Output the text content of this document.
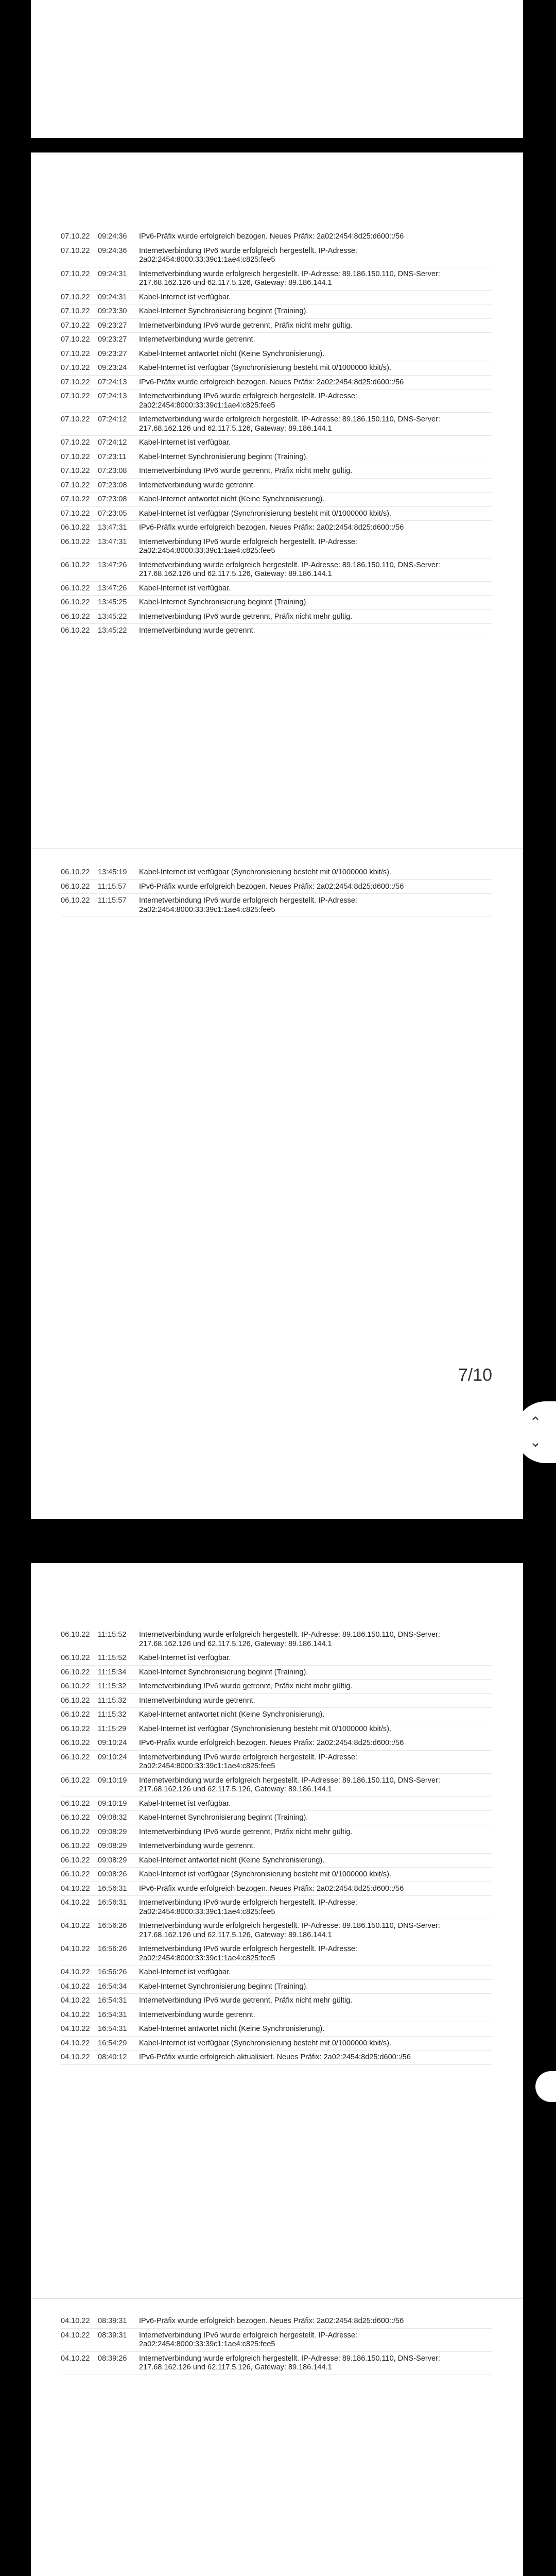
07.10.22	09:24:36	IPv6-Präfix wurde erfolgreich bezogen. Neues Präfix: 2a02:2454:8d25:d600::/56
07.10.22	09:24:36	Internetverbindung IPv6 wurde erfolgreich hergestellt. IP-Adresse: 2a02:2454:8000:33:39c1:1ae4:c825:fee5
07.10.22	09:24:31	Internetverbindung wurde erfolgreich hergestellt. IP-Adresse: 89.186.150.110, DNS-Server: 217.68.162.126 und 62.117.5.126, Gateway: 89.186.144.1
07.10.22	09:24:31	Kabel-Internet ist verfügbar.
07.10.22	09:23:30	Kabel-Internet Synchronisierung beginnt (Training).
07.10.22	09:23:27	Internetverbindung IPv6 wurde getrennt, Präfix nicht mehr gültig.
07.10.22	09:23:27	Internetverbindung wurde getrennt.
07.10.22	09:23:27	Kabel-Internet antwortet nicht (Keine Synchronisierung).
07.10.22	09:23:24	Kabel-Internet ist verfügbar (Synchronisierung besteht mit 0/1000000 kbit/s).
07.10.22	07:24:13	IPv6-Präfix wurde erfolgreich bezogen. Neues Präfix: 2a02:2454:8d25:d600::/56
07.10.22	07:24:13	Internetverbindung IPv6 wurde erfolgreich hergestellt. IP-Adresse: 2a02:2454:8000:33:39c1:1ae4:c825:fee5
07.10.22	07:24:12	Internetverbindung wurde erfolgreich hergestellt. IP-Adresse: 89.186.150.110, DNS-Server: 217.68.162.126 und 62.117.5.126, Gateway: 89.186.144.1
07.10.22	07:24:12	Kabel-Internet ist verfügbar.
07.10.22	07:23:11	Kabel-Internet Synchronisierung beginnt (Training).
07.10.22	07:23:08	Internetverbindung IPv6 wurde getrennt, Präfix nicht mehr gültig.
07.10.22	07:23:08	Internetverbindung wurde getrennt.
07.10.22	07:23:08	Kabel-Internet antwortet nicht (Keine Synchronisierung).
07.10.22	07:23:05	Kabel-Internet ist verfügbar (Synchronisierung besteht mit 0/1000000 kbit/s).
06.10.22	13:47:31	IPv6-Präfix wurde erfolgreich bezogen. Neues Präfix: 2a02:2454:8d25:d600::/56
06.10.22	13:47:31	Internetverbindung IPv6 wurde erfolgreich hergestellt. IP-Adresse: 2a02:2454:8000:33:39c1:1ae4:c825:fee5
06.10.22	13:47:26	Internetverbindung wurde erfolgreich hergestellt. IP-Adresse: 89.186.150.110, DNS-Server: 217.68.162.126 und 62.117.5.126, Gateway: 89.186.144.1
06.10.22	13:47:26	Kabel-Internet ist verfügbar.
06.10.22	13:45:25	Kabel-Internet Synchronisierung beginnt (Training).
06.10.22	13:45:22	Internetverbindung IPv6 wurde getrennt, Präfix nicht mehr gültig.
06.10.22	13:45:22	Internetverbindung wurde getrennt.
06.10.22	13:45:19	Kabel-Internet ist verfügbar (Synchronisierung besteht mit 0/1000000 kbit/s).
06.10.22	11:15:57	IPv6-Präfix wurde erfolgreich bezogen. Neues Präfix: 2a02:2454:8d25:d600::/56
06.10.22	11:15:57	Internetverbindung IPv6 wurde erfolgreich hergestellt. IP-Adresse: 2a02:2454:8000:33:39c1:1ae4:c825:fee5
7/10
⌃
⌄
06.10.22	11:15:52	Internetverbindung wurde erfolgreich hergestellt. IP-Adresse: 89.186.150.110, DNS-Server: 217.68.162.126 und 62.117.5.126, Gateway: 89.186.144.1
06.10.22	11:15:52	Kabel-Internet ist verfügbar.
06.10.22	11:15:34	Kabel-Internet Synchronisierung beginnt (Training).
06.10.22	11:15:32	Internetverbindung IPv6 wurde getrennt, Präfix nicht mehr gültig.
06.10.22	11:15:32	Internetverbindung wurde getrennt.
06.10.22	11:15:32	Kabel-Internet antwortet nicht (Keine Synchronisierung).
06.10.22	11:15:29	Kabel-Internet ist verfügbar (Synchronisierung besteht mit 0/1000000 kbit/s).
06.10.22	09:10:24	IPv6-Präfix wurde erfolgreich bezogen. Neues Präfix: 2a02:2454:8d25:d600::/56
06.10.22	09:10:24	Internetverbindung IPv6 wurde erfolgreich hergestellt. IP-Adresse: 2a02:2454:8000:33:39c1:1ae4:c825:fee5
06.10.22	09:10:19	Internetverbindung wurde erfolgreich hergestellt. IP-Adresse: 89.186.150.110, DNS-Server: 217.68.162.126 und 62.117.5.126, Gateway: 89.186.144.1
06.10.22	09:10:19	Kabel-Internet ist verfügbar.
06.10.22	09:08:32	Kabel-Internet Synchronisierung beginnt (Training).
06.10.22	09:08:29	Internetverbindung IPv6 wurde getrennt, Präfix nicht mehr gültig.
06.10.22	09:08:29	Internetverbindung wurde getrennt.
06.10.22	09:08:29	Kabel-Internet antwortet nicht (Keine Synchronisierung).
06.10.22	09:08:26	Kabel-Internet ist verfügbar (Synchronisierung besteht mit 0/1000000 kbit/s).
04.10.22	16:56:31	IPv6-Präfix wurde erfolgreich bezogen. Neues Präfix: 2a02:2454:8d25:d600::/56
04.10.22	16:56:31	Internetverbindung IPv6 wurde erfolgreich hergestellt. IP-Adresse: 2a02:2454:8000:33:39c1:1ae4:c825:fee5
04.10.22	16:56:26	Internetverbindung wurde erfolgreich hergestellt. IP-Adresse: 89.186.150.110, DNS-Server: 217.68.162.126 und 62.117.5.126, Gateway: 89.186.144.1
04.10.22	16:56:26	Internetverbindung IPv6 wurde erfolgreich hergestellt. IP-Adresse: 2a02:2454:8000:33:39c1:1ae4:c825:fee5
04.10.22	16:56:26	Kabel-Internet ist verfügbar.
04.10.22	16:54:34	Kabel-Internet Synchronisierung beginnt (Training).
04.10.22	16:54:31	Internetverbindung IPv6 wurde getrennt, Präfix nicht mehr gültig.
04.10.22	16:54:31	Internetverbindung wurde getrennt.
04.10.22	16:54:31	Kabel-Internet antwortet nicht (Keine Synchronisierung).
04.10.22	16:54:29	Kabel-Internet ist verfügbar (Synchronisierung besteht mit 0/1000000 kbit/s).
04.10.22	08:40:12	IPv6-Präfix wurde erfolgreich aktualisiert. Neues Präfix: 2a02:2454:8d25:d600::/56
04.10.22	08:39:31	IPv6-Präfix wurde erfolgreich bezogen. Neues Präfix: 2a02:2454:8d25:d600::/56
04.10.22	08:39:31	Internetverbindung IPv6 wurde erfolgreich hergestellt. IP-Adresse: 2a02:2454:8000:33:39c1:1ae4:c825:fee5
04.10.22	08:39:26	Internetverbindung wurde erfolgreich hergestellt. IP-Adresse: 89.186.150.110, DNS-Server: 217.68.162.126 und 62.117.5.126, Gateway: 89.186.144.1
